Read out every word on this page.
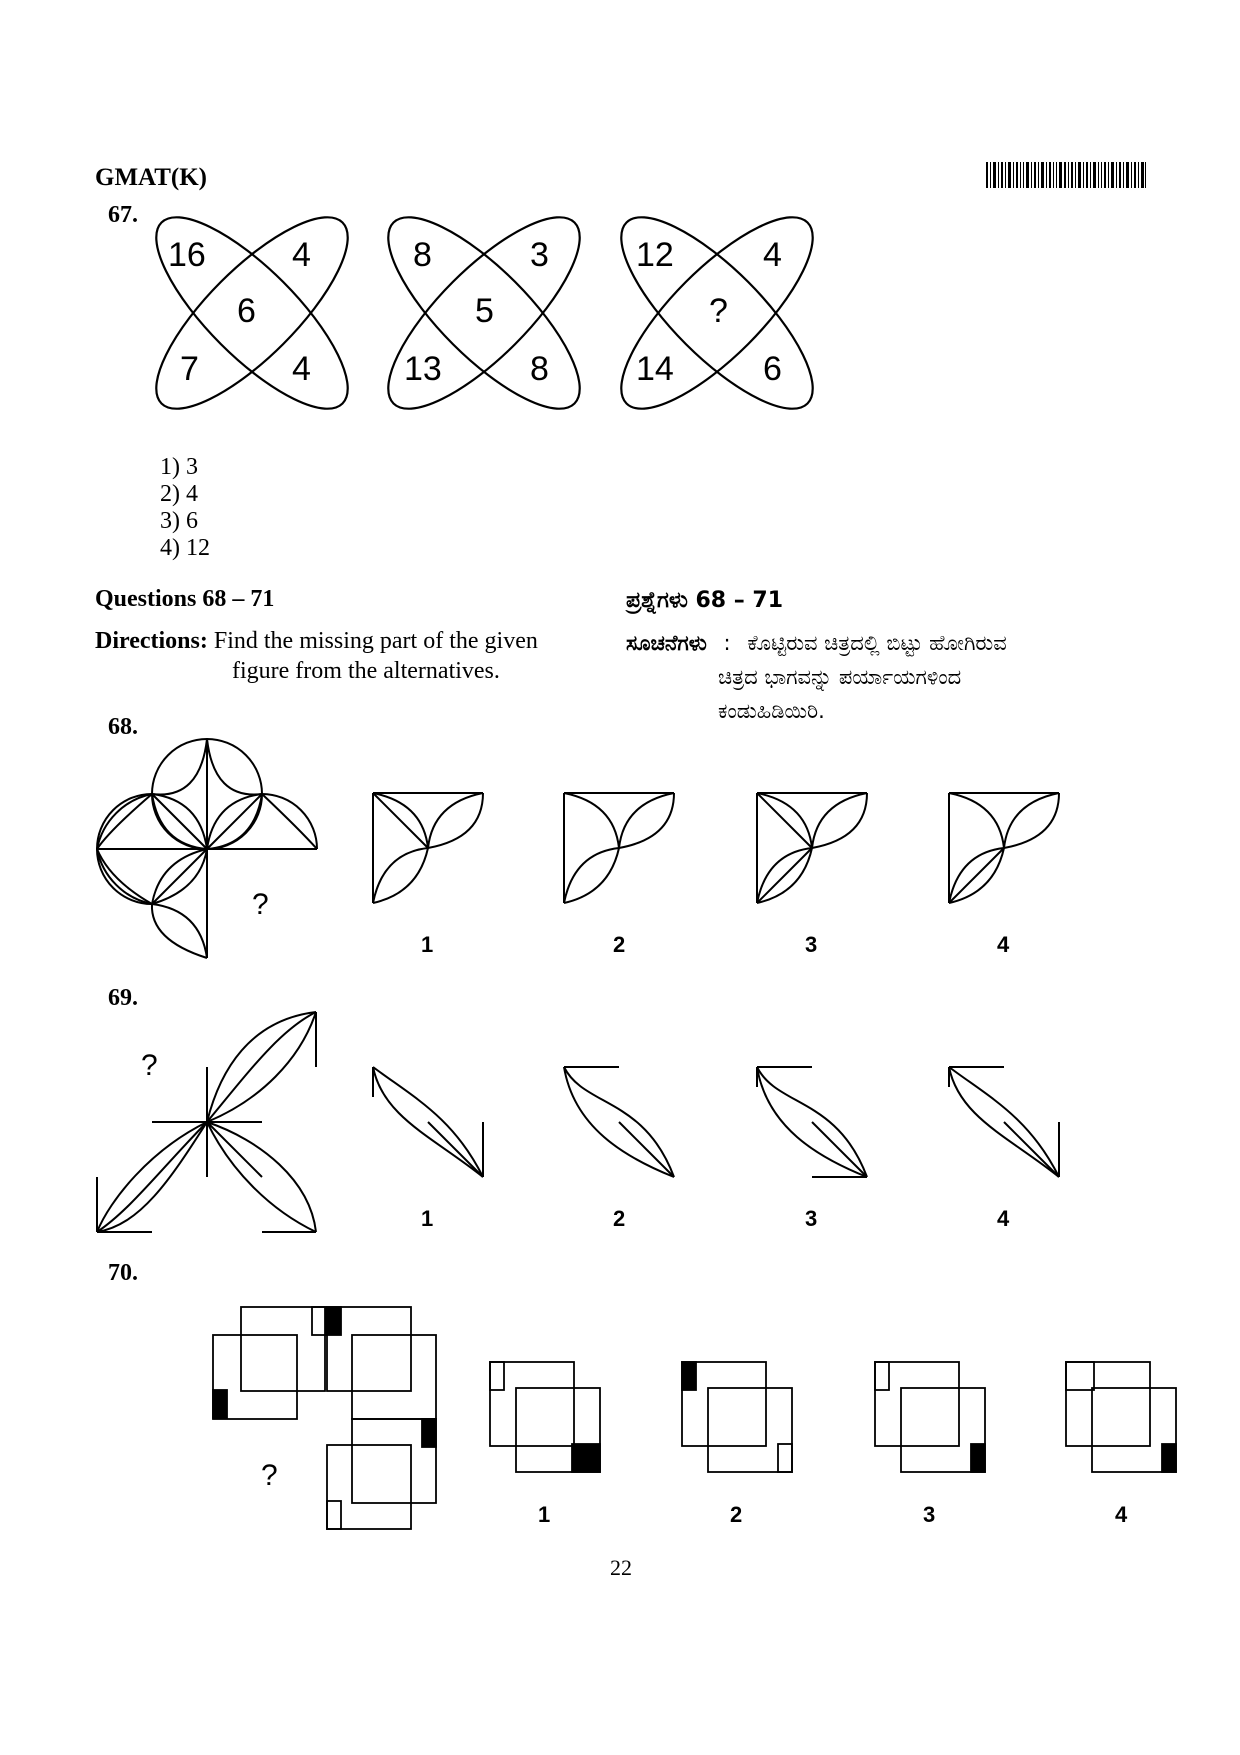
GMAT(K)
67.
16	4
6
7	4
8	3
5
13	8
12	4
?
14	6
1) 3
2) 4
3) 6
4) 12
Questions 68 – 71	ಪ್ರಶ್ನೆಗಳು 68 – 71
Directions: Find the missing part of the given
figure from the alternatives.
ಸೂಚನೆಗಳು : ಕೊಟ್ಟಿರುವ ಚಿತ್ರದಲ್ಲಿ ಬಿಟ್ಟು ಹೋಗಿರುವ
ಚಿತ್ರದ ಭಾಗವನ್ನು ಪರ್ಯಾಯಗಳಿಂದ
ಕಂಡುಹಿಡಿಯಿರಿ.
68.
?
1	2	3	4
69.
?
1	2	3	4
70.
?
1	2	3	4
22
